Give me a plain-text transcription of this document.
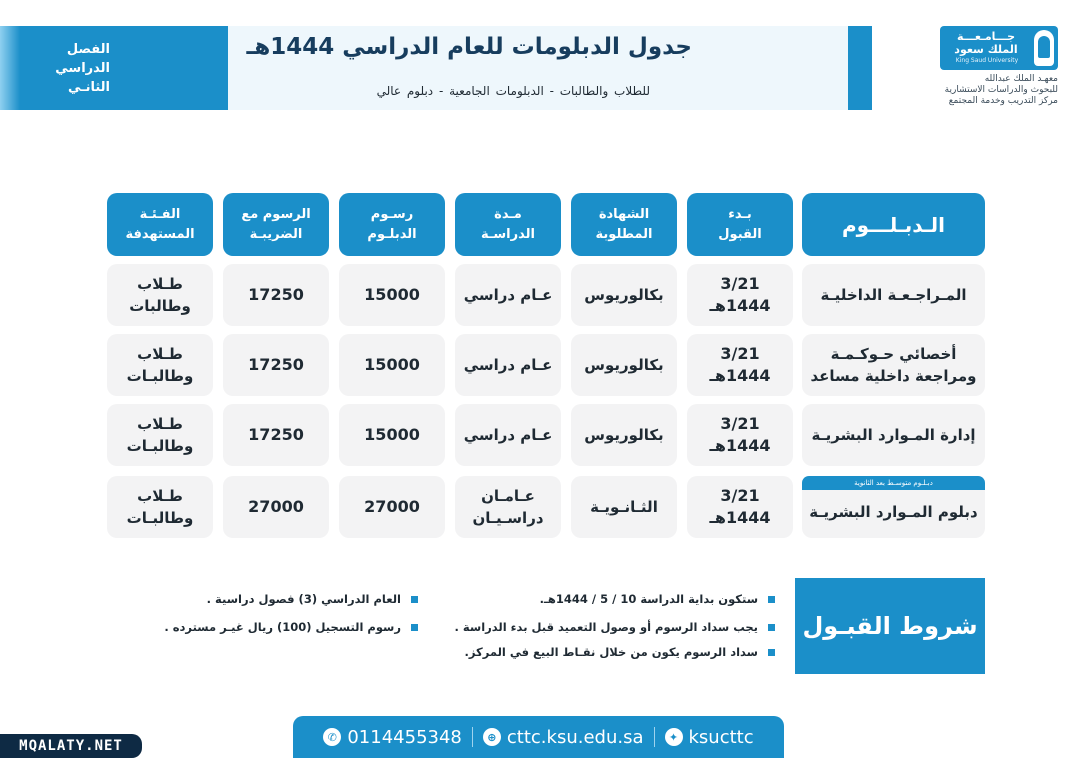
الفصل
الدراسي
الثانـي
جدول الدبلومات للعام الدراسي 1444هـ
للطلاب والطالبات - الدبلومات الجامعية - دبلوم عالي
جـــامـعـــة
الملك سعود
King Saud University
معهـد الملك عبدالله
للبحوث والدراسات الاستشارية
مركز التدريب وخدمة المجتمع
الـدبـلـــوم
بـدء
القبول
الشهادة
المطلوبة
مـدة
الدراسـة
رسـوم
الدبلـوم
الرسوم مع
الضريبـة
الفـئـة
المستهدفة
المـراجـعـة الداخليـة
3/21
1444هـ
بكالوريوس
عـام دراسي
15000
17250
طـلاب
وطالبات
أخصائي حـوكـمـة
ومراجعة داخلية مساعد
3/21
1444هـ
بكالوريوس
عـام دراسي
15000
17250
طـلاب
وطالبـات
إدارة المـوارد البشريـة
3/21
1444هـ
بكالوريوس
عـام دراسي
15000
17250
طـلاب
وطالبـات
دبلوم المـوارد البشريـة
دبـلـوم متوسـط بعد الثانوية
3/21
1444هـ
الثـانـويـة
عـامـان
دراسـيـان
27000
27000
طـلاب
وطالبـات
شروط القبـول
ستكون بداية الدراسة 10 / 5 / 1444هـ.
يجب سداد الرسوم أو وصول التعميد قبل بدء الدراسة .
سداد الرسوم يكون من خلال نقـاط البيع في المركز.
العام الدراسي (3) فصول دراسية .
رسوم التسجيل (100) ريال غيـر مسترده .
✆ 0114455348	⊕ cttc.ksu.edu.sa	✦ ksucttc
MQALATY.NET
